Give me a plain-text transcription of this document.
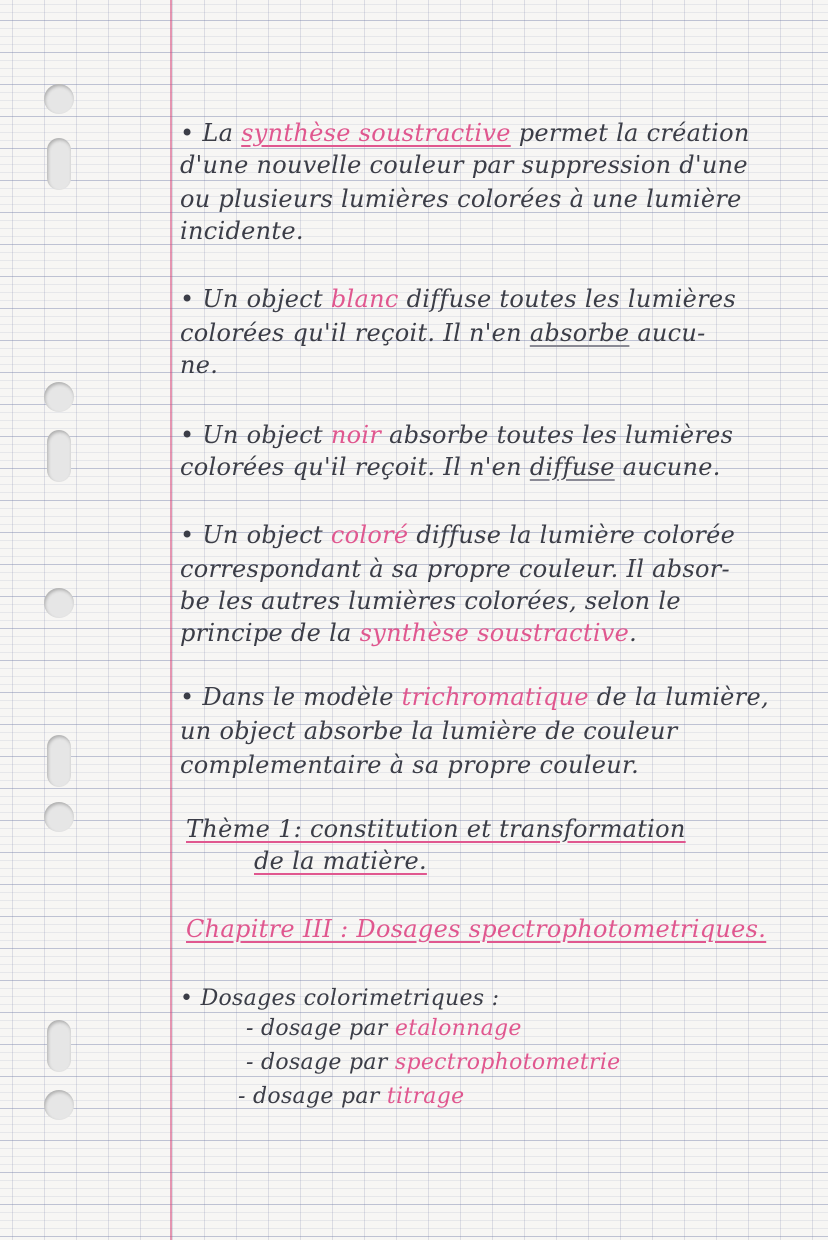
• La synthèse soustractive permet la création

d'une nouvelle couleur par suppression d'une

ou plusieurs lumières colorées à une lumière

incidente.

• Un object blanc diffuse toutes les lumières

colorées qu'il reçoit. Il n'en absorbe aucu-

ne.

• Un object noir absorbe toutes les lumières

colorées qu'il reçoit. Il n'en diffuse aucune.

• Un object coloré diffuse la lumière colorée

correspondant à sa propre couleur. Il absor-

be les autres lumières colorées, selon le

principe de la synthèse soustractive.

• Dans le modèle trichromatique de la lumière,

un object absorbe la lumière de couleur

complementaire à sa propre couleur.

Thème 1: constitution et transformation

de la matière.

Chapitre III : Dosages spectrophotometriques.

• Dosages colorimetriques :

- dosage par etalonnage

- dosage par spectrophotometrie

- dosage par titrage
